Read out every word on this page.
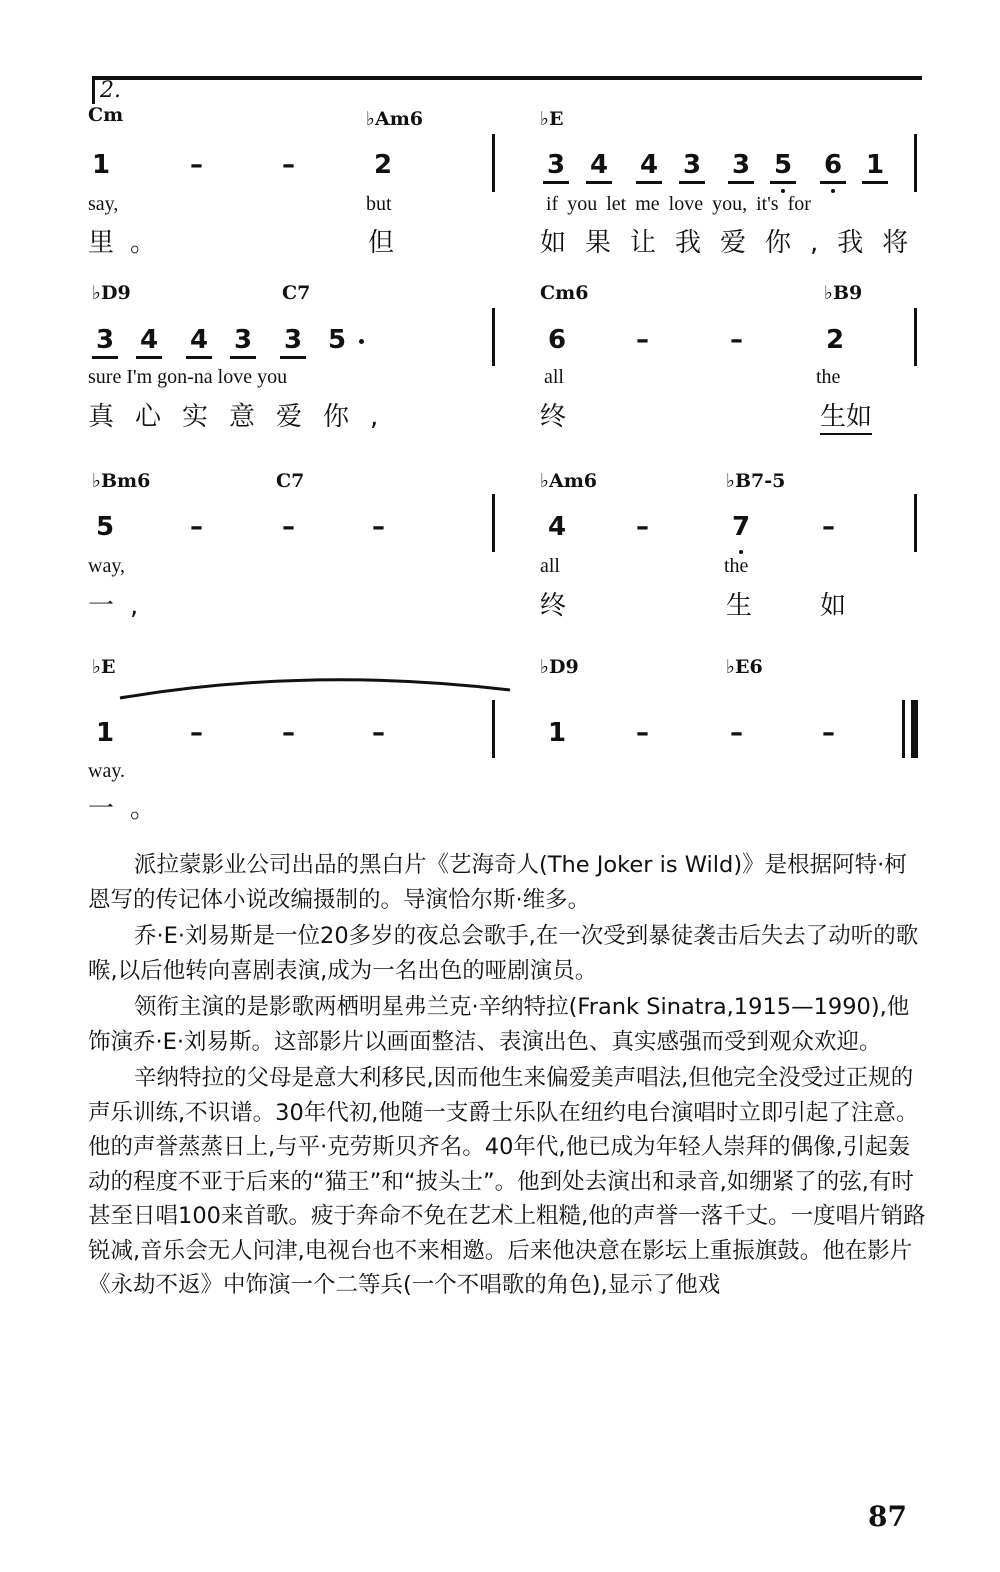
2.
Cm	♭Am6	♭E
1	–	–	2	3 4 4 3 3 5 6 1
say,	but	if you let me love you, it's for
里。	但	如果让我爱你,我将
♭D9	C7	Cm6	♭B9
3 4 4 3 3 5	6	–	–	2
sure I'm gon-na love you	all	the
真心实意爱你,	终	生如
♭Bm6	C7	♭Am6	♭B7-5
5	–	–	–	4	–	7	–
way,	all	the
一,	终	生 如
♭E	♭D9	♭E6
1	–	–	–	1	–	–	–
way.
一。

派拉蒙影业公司出品的黑白片《艺海奇人(The Joker is Wild)》是根据阿特·柯恩写的传记体小说改编摄制的。导演恰尔斯·维多。

乔·E·刘易斯是一位20多岁的夜总会歌手,在一次受到暴徒袭击后失去了动听的歌喉,以后他转向喜剧表演,成为一名出色的哑剧演员。

领衔主演的是影歌两栖明星弗兰克·辛纳特拉(Frank Sinatra,1915—1990),他饰演乔·E·刘易斯。这部影片以画面整洁、表演出色、真实感强而受到观众欢迎。

辛纳特拉的父母是意大利移民,因而他生来偏爱美声唱法,但他完全没受过正规的声乐训练,不识谱。30年代初,他随一支爵士乐队在纽约电台演唱时立即引起了注意。他的声誉蒸蒸日上,与平·克劳斯贝齐名。40年代,他已成为年轻人崇拜的偶像,引起轰动的程度不亚于后来的“猫王”和“披头士”。他到处去演出和录音,如绷紧了的弦,有时甚至日唱100来首歌。疲于奔命不免在艺术上粗糙,他的声誉一落千丈。一度唱片销路锐减,音乐会无人问津,电视台也不来相邀。后来他决意在影坛上重振旗鼓。他在影片《永劫不返》中饰演一个二等兵(一个不唱歌的角色),显示了他戏

87
